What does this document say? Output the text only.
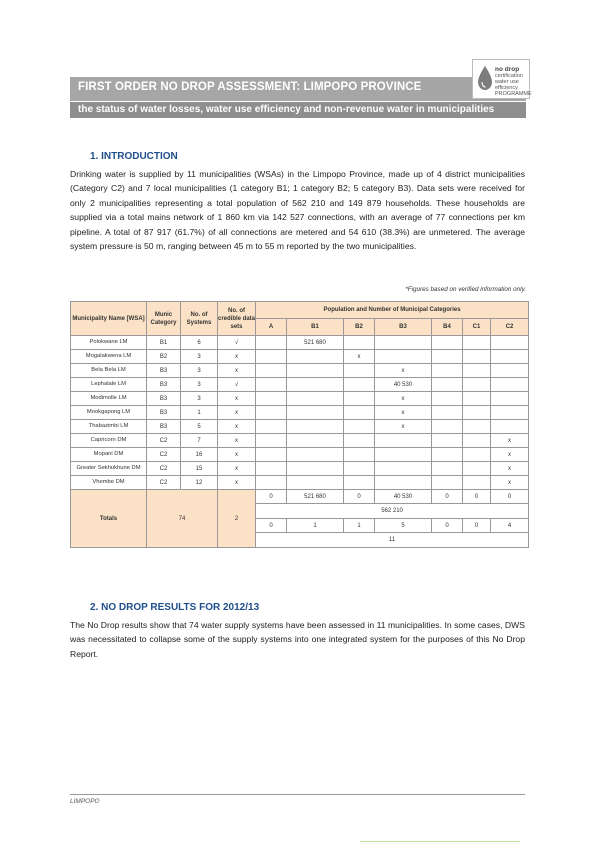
FIRST ORDER NO DROP ASSESSMENT: LIMPOPO PROVINCE
the status of water losses, water use efficiency and non-revenue water in municipalities
no drop
certification
water use efficiency
PROGRAMME
1. INTRODUCTION

Drinking water is supplied by 11 municipalities (WSAs) in the Limpopo Province, made up of 4 district municipalities (Category C2) and 7 local municipalities (1 category B1; 1 category B2; 5 category B3). Data sets were received for only 2 municipalities representing a total population of 562 210 and 149 879 households. These households are supplied via a total mains network of 1 860 km via 142 527 connections, with an average of 77 connections per km pipeline. A total of 87 917 (61.7%) of all connections are metered and 54 610 (38.3%) are unmetered. The average system pressure is 50 m, ranging between 45 m to 55 m reported by the two municipalities.

*Figures based on verified information only.
Municipality Name [WSA]	Munic Category	No. of Systems	No. of credible data sets	Population and Number of Municipal Categories						
				A	B1	B2	B3	B4	C1	C2
Polokwane LM	B1	6	√		521 680					
Mogalakwena LM	B2	3	x			x				
Bela Bela LM	B3	3	x				x			
Lephalale LM	B3	3	√				40 530			
Modimolle LM	B3	3	x				x			
Mookgapong LM	B3	1	x				x			
Thabazimbi LM	B3	5	x				x			
Capricorn DM	C2	7	x							x
Mopani DM	C2	16	x							x
Greater Sekhukhune DM	C2	15	x							x
Vhembe DM	C2	12	x							x
Totals	74		2	0	521 680	0	40 530	0	0	0
				562 210						
				0	1	1	5	0	0	4
				11						
2. NO DROP RESULTS FOR 2012/13

The No Drop results show that 74 water supply systems have been assessed in 11 municipalities. In some cases, DWS was necessitated to collapse some of the supply systems into one integrated system for the purposes of this No Drop Report.

LIMPOPO
